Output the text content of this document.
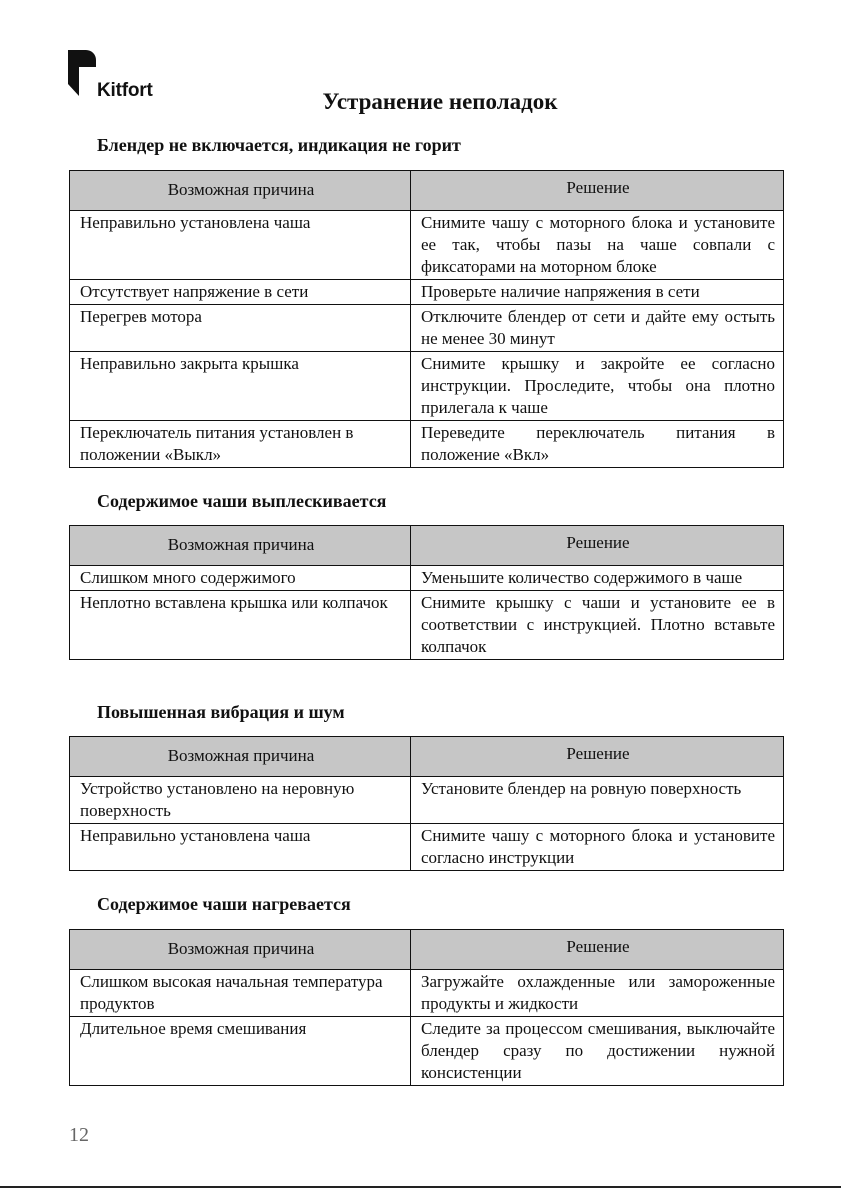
Kitfort	Устранение неполадок
Блендер не включается, индикация не горит
Возможная причина	Решение
Неправильно установлена чаша	Снимите чашу с моторного блока и установите ее так, чтобы пазы на чаше совпали с фиксаторами на моторном блоке
Отсутствует напряжение в сети	Проверьте наличие напряжения в сети
Перегрев мотора	Отключите блендер от сети и дайте ему остыть не менее 30 минут
Неправильно закрыта крышка	Снимите крышку и закройте ее согласно инструкции. Проследите, чтобы она плотно прилегала к чаше
Переключатель питания установлен в положении «Выкл»	Переведите переключатель питания в положение «Вкл»
Содержимое чаши выплескивается
Возможная причина	Решение
Слишком много содержимого	Уменьшите количество содержимого в чаше
Неплотно вставлена крышка или колпачок	Снимите крышку с чаши и установите ее в соответствии с инструкцией. Плотно вставьте колпачок
Повышенная вибрация и шум
Возможная причина	Решение
Устройство установлено на неровную поверхность	Установите блендер на ровную поверхность
Неправильно установлена чаша	Снимите чашу с моторного блока и установите согласно инструкции
Содержимое чаши нагревается
Возможная причина	Решение
Слишком высокая начальная температура продуктов	Загружайте охлажденные или замороженные продукты и жидкости
Длительное время смешивания	Следите за процессом смешивания, выключайте блендер сразу по достижении нужной консистенции
12
